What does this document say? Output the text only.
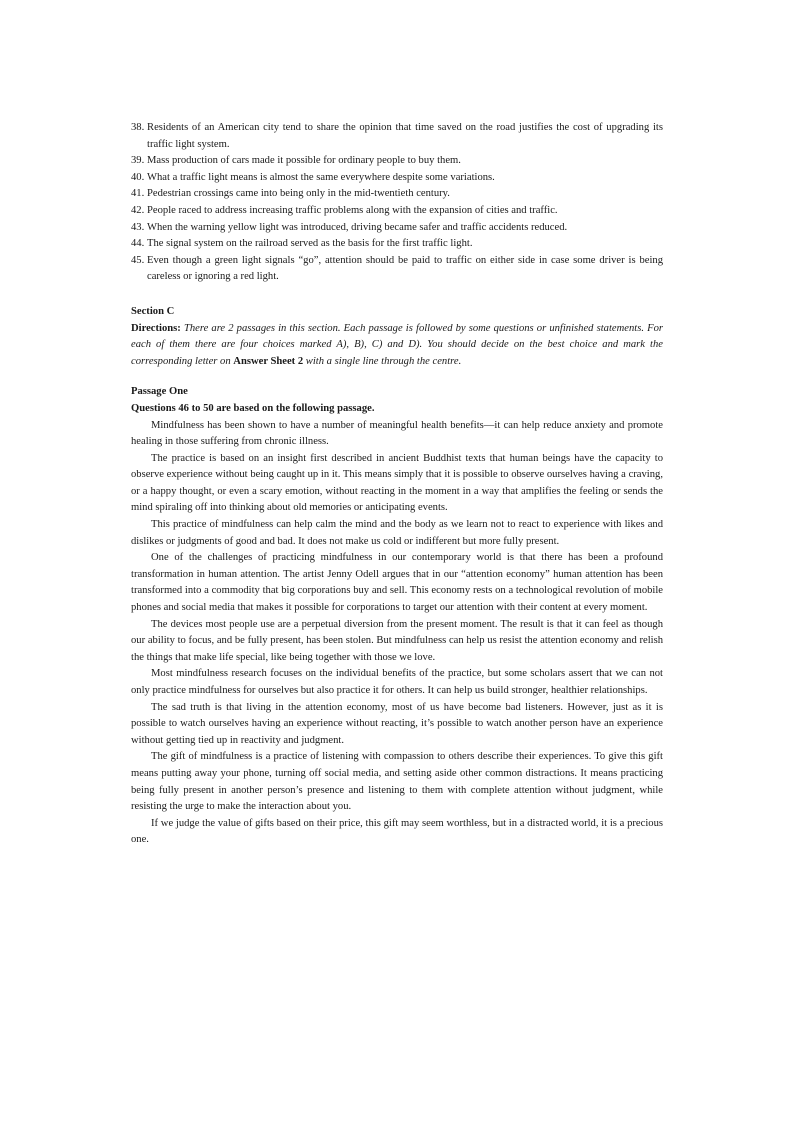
38. Residents of an American city tend to share the opinion that time saved on the road justifies the cost of upgrading its traffic light system.
39. Mass production of cars made it possible for ordinary people to buy them.
40. What a traffic light means is almost the same everywhere despite some variations.
41. Pedestrian crossings came into being only in the mid-twentieth century.
42. People raced to address increasing traffic problems along with the expansion of cities and traffic.
43. When the warning yellow light was introduced, driving became safer and traffic accidents reduced.
44. The signal system on the railroad served as the basis for the first traffic light.
45. Even though a green light signals “go”, attention should be paid to traffic on either side in case some driver is being careless or ignoring a red light.
Section C
Directions: There are 2 passages in this section. Each passage is followed by some questions or unfinished statements. For each of them there are four choices marked A), B), C) and D). You should decide on the best choice and mark the corresponding letter on Answer Sheet 2 with a single line through the centre.
Passage One
Questions 46 to 50 are based on the following passage.

Mindfulness has been shown to have a number of meaningful health benefits—it can help reduce anxiety and promote healing in those suffering from chronic illness.

The practice is based on an insight first described in ancient Buddhist texts that human beings have the capacity to observe experience without being caught up in it. This means simply that it is possible to observe ourselves having a craving, or a happy thought, or even a scary emotion, without reacting in the moment in a way that amplifies the feeling or sends the mind spiraling off into thinking about old memories or anticipating events.

This practice of mindfulness can help calm the mind and the body as we learn not to react to experience with likes and dislikes or judgments of good and bad. It does not make us cold or indifferent but more fully present.

One of the challenges of practicing mindfulness in our contemporary world is that there has been a profound transformation in human attention. The artist Jenny Odell argues that in our “attention economy” human attention has been transformed into a commodity that big corporations buy and sell. This economy rests on a technological revolution of mobile phones and social media that makes it possible for corporations to target our attention with their content at every moment.

The devices most people use are a perpetual diversion from the present moment. The result is that it can feel as though our ability to focus, and be fully present, has been stolen. But mindfulness can help us resist the attention economy and relish the things that make life special, like being together with those we love.

Most mindfulness research focuses on the individual benefits of the practice, but some scholars assert that we can not only practice mindfulness for ourselves but also practice it for others. It can help us build stronger, healthier relationships.

The sad truth is that living in the attention economy, most of us have become bad listeners. However, just as it is possible to watch ourselves having an experience without reacting, it’s possible to watch another person have an experience without getting tied up in reactivity and judgment.

The gift of mindfulness is a practice of listening with compassion to others describe their experiences. To give this gift means putting away your phone, turning off social media, and setting aside other common distractions. It means practicing being fully present in another person’s presence and listening to them with complete attention without judgment, while resisting the urge to make the interaction about you.

If we judge the value of gifts based on their price, this gift may seem worthless, but in a distracted world, it is a precious one.
